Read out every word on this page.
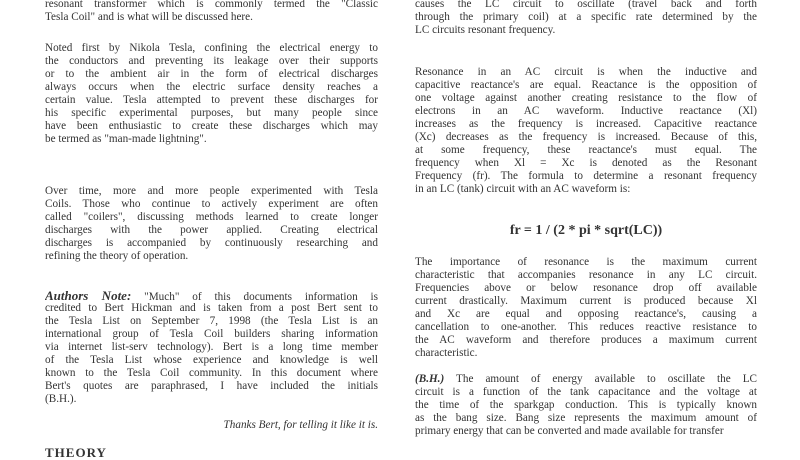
resonant transformer which is commonly termed the "Classic
Tesla Coil" and is what will be discussed here.
Noted first by Nikola Tesla, confining the electrical energy to
the conductors and preventing its leakage over their supports
or to the ambient air in the form of electrical discharges
always occurs when the electric surface density reaches a
certain value. Tesla attempted to prevent these discharges for
his specific experimental purposes, but many people since
have been enthusiastic to create these discharges which may
be termed as "man-made lightning".
Over time, more and more people experimented with Tesla
Coils. Those who continue to actively experiment are often
called "coilers", discussing methods learned to create longer
discharges with the power applied. Creating electrical
discharges is accompanied by continuously researching and
refining the theory of operation.
Authors Note: "Much" of this documents information is
credited to Bert Hickman and is taken from a post Bert sent to
the Tesla List on September 7, 1998 (the Tesla List is an
international group of Tesla Coil builders sharing information
via internet list-serv technology). Bert is a long time member
of the Tesla List whose experience and knowledge is well
known to the Tesla Coil community. In this document where
Bert's quotes are paraphrased, I have included the initials
(B.H.).
Thanks Bert, for telling it like it is.
THEORY
causes the LC circuit to oscillate (travel back and forth
through the primary coil) at a specific rate determined by the
LC circuits resonant frequency.
Resonance in an AC circuit is when the inductive and
capacitive reactance's are equal. Reactance is the opposition of
one voltage against another creating resistance to the flow of
electrons in an AC waveform. Inductive reactance (Xl)
increases as the frequency is increased. Capacitive reactance
(Xc) decreases as the frequency is increased. Because of this,
at some frequency, these reactance's must equal. The
frequency when Xl = Xc is denoted as the Resonant
Frequency (fr). The formula to determine a resonant frequency
in an LC (tank) circuit with an AC waveform is:
fr = 1 / (2 * pi * sqrt(LC))
The importance of resonance is the maximum current
characteristic that accompanies resonance in any LC circuit.
Frequencies above or below resonance drop off available
current drastically. Maximum current is produced because Xl
and Xc are equal and opposing reactance's, causing a
cancellation to one-another. This reduces reactive resistance to
the AC waveform and therefore produces a maximum current
characteristic.
(B.H.) The amount of energy available to oscillate the LC
circuit is a function of the tank capacitance and the voltage at
the time of the sparkgap conduction. This is typically known
as the bang size. Bang size represents the maximum amount of
primary energy that can be converted and made available for transfer
